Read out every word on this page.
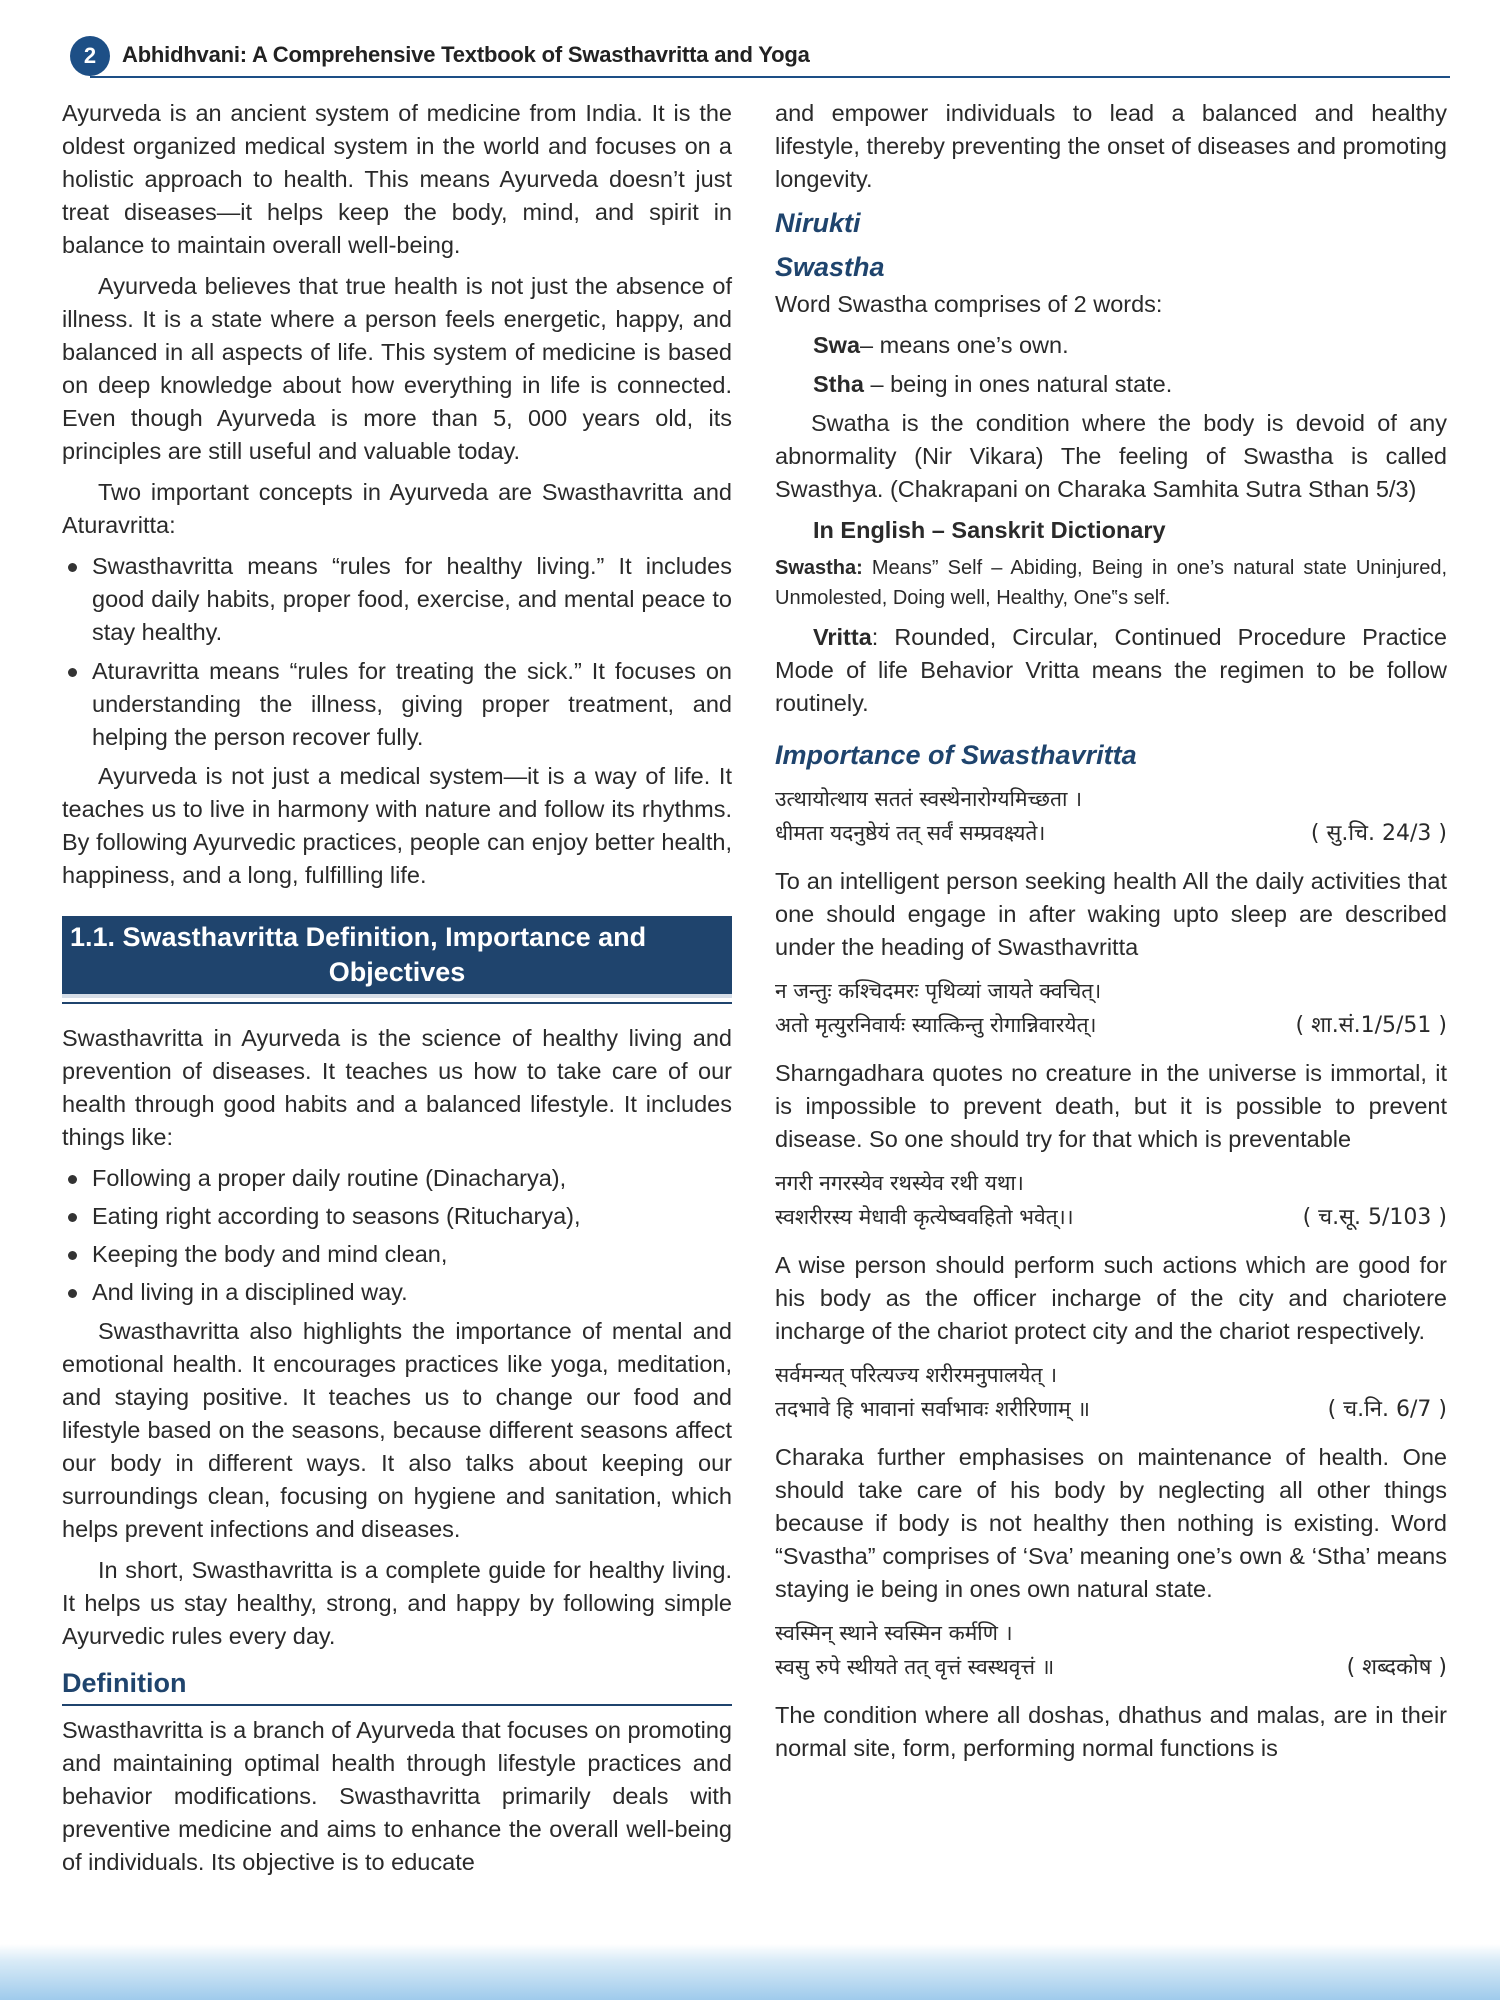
2	Abhidhvani: A Comprehensive Textbook of Swasthavritta and Yoga

Ayurveda is an ancient system of medicine from India. It is the oldest organized medical system in the world and focuses on a holistic approach to health. This means Ayurveda doesn’t just treat diseases—it helps keep the body, mind, and spirit in balance to maintain overall well-being.

Ayurveda believes that true health is not just the absence of illness. It is a state where a person feels energetic, happy, and balanced in all aspects of life. This system of medicine is based on deep knowledge about how everything in life is connected. Even though Ayurveda is more than 5, 000 years old, its principles are still useful and valuable today.

Two important concepts in Ayurveda are Swasthavritta and Aturavritta:

Swasthavritta means “rules for healthy living.” It includes good daily habits, proper food, exercise, and mental peace to stay healthy.
Aturavritta means “rules for treating the sick.” It focuses on understanding the illness, giving proper treatment, and helping the person recover fully.

Ayurveda is not just a medical system—it is a way of life. It teaches us to live in harmony with nature and follow its rhythms. By following Ayurvedic practices, people can enjoy better health, happiness, and a long, fulfilling life.

1.1. Swasthavritta Definition, Importance and
Objectives

Swasthavritta in Ayurveda is the science of healthy living and prevention of diseases. It teaches us how to take care of our health through good habits and a balanced lifestyle. It includes things like:

Following a proper daily routine (Dinacharya),
Eating right according to seasons (Ritucharya),
Keeping the body and mind clean,
And living in a disciplined way.

Swasthavritta also highlights the importance of mental and emotional health. It encourages practices like yoga, meditation, and staying positive. It teaches us to change our food and lifestyle based on the seasons, because different seasons affect our body in different ways. It also talks about keeping our surroundings clean, focusing on hygiene and sanitation, which helps prevent infections and diseases.

In short, Swasthavritta is a complete guide for healthy living. It helps us stay healthy, strong, and happy by following simple Ayurvedic rules every day.

Definition

Swasthavritta is a branch of Ayurveda that focuses on promoting and maintaining optimal health through lifestyle practices and behavior modifications. Swasthavritta primarily deals with preventive medicine and aims to enhance the overall well-being of individuals. Its objective is to educate

and empower individuals to lead a balanced and healthy lifestyle, thereby preventing the onset of diseases and promoting longevity.

Nirukti
Swastha

Word Swastha comprises of 2 words:

Swa– means one’s own.
Stha – being in ones natural state.

Swatha is the condition where the body is devoid of any abnormality (Nir Vikara) The feeling of Swastha is called Swasthya. (Chakrapani on Charaka Samhita Sutra Sthan 5/3)

In English – Sanskrit Dictionary

Swastha: Means” Self – Abiding, Being in one’s natural state Uninjured, Unmolested, Doing well, Healthy, One‟s self.

Vritta: Rounded, Circular, Continued Procedure Practice Mode of life Behavior Vritta means the regimen to be follow routinely.

Importance of Swasthavritta
उत्थायोत्थाय सततं स्वस्थेनारोग्यमिच्छता ।
धीमता यदनुष्ठेयं तत् सर्वं सम्प्रवक्ष्यते।	( सु.चि. 24/3 )

To an intelligent person seeking health All the daily activities that one should engage in after waking upto sleep are described under the heading of Swasthavritta

न जन्तुः कश्चिदमरः पृथिव्यां जायते क्वचित्।
अतो मृत्युरनिवार्यः स्यात्किन्तु रोगान्निवारयेत्।	( शा.सं.1/5/51 )

Sharngadhara quotes no creature in the universe is immortal, it is impossible to prevent death, but it is possible to prevent disease. So one should try for that which is preventable

नगरी नगरस्येव रथस्येव रथी यथा।
स्वशरीरस्य मेधावी कृत्येष्ववहितो भवेत्।।	( च.सू. 5/103 )

A wise person should perform such actions which are good for his body as the officer incharge of the city and chariotere incharge of the chariot protect city and the chariot respectively.

सर्वमन्यत् परित्यज्य शरीरमनुपालयेत् ।
तदभावे हि भावानां सर्वाभावः शरीरिणाम् ॥	( च.नि. 6/7 )

Charaka further emphasises on maintenance of health. One should take care of his body by neglecting all other things because if body is not healthy then nothing is existing. Word “Svastha” comprises of ‘Sva’ meaning one’s own & ‘Stha’ means staying ie being in ones own natural state.

स्वस्मिन् स्थाने स्वस्मिन कर्मणि ।
स्वसु रुपे स्थीयते तत् वृत्तं स्वस्थवृत्तं ॥	( शब्दकोष )

The condition where all doshas, dhathus and malas, are in their normal site, form, performing normal functions is
